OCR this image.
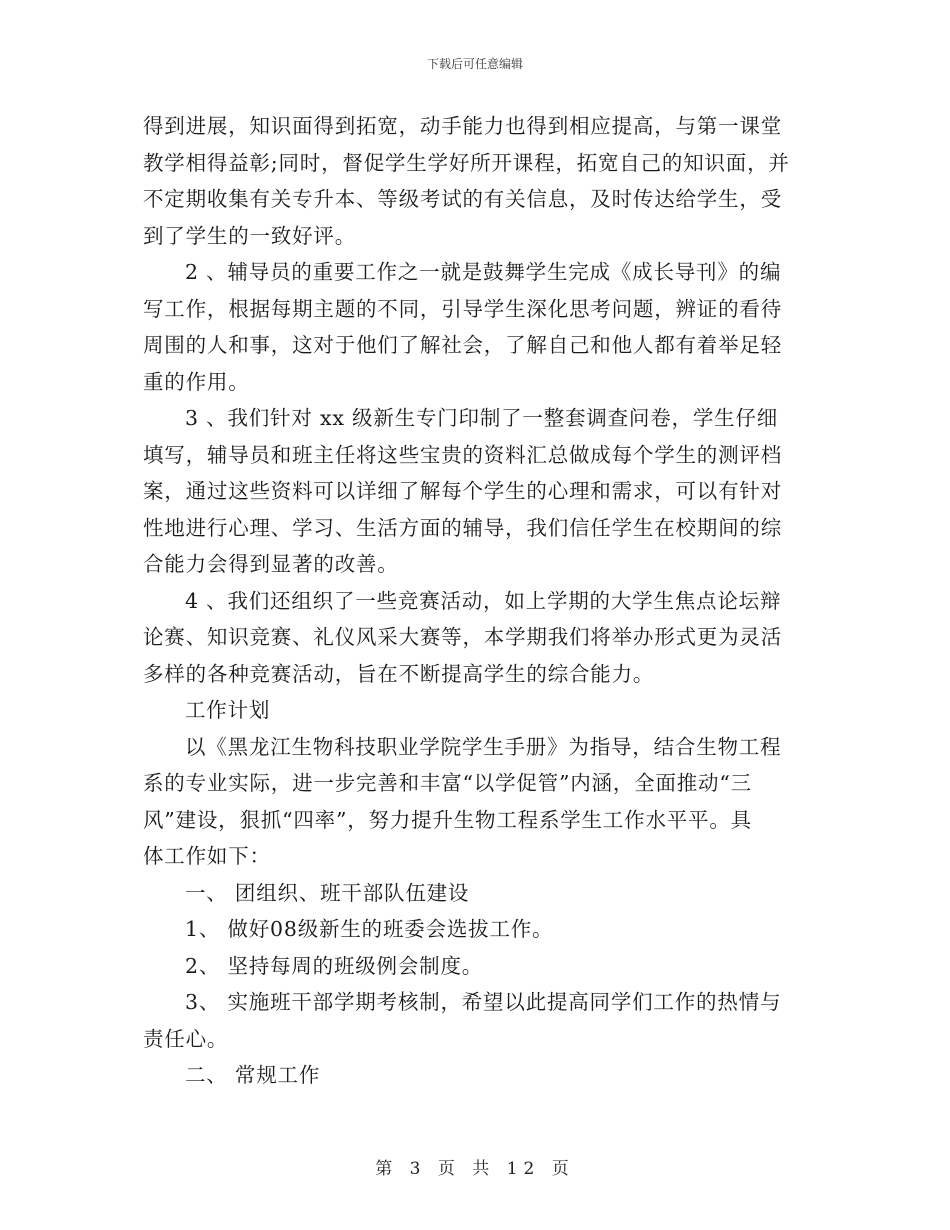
下载后可任意编辑
得到进展，知识面得到拓宽，动手能力也得到相应提高，与第一课堂
教学相得益彰;同时，督促学生学好所开课程，拓宽自己的知识面，并
不定期收集有关专升本、等级考试的有关信息，及时传达给学生，受
到了学生的一致好评。
2 、辅导员的重要工作之一就是鼓舞学生完成《成长导刊》的编
写工作，根据每期主题的不同，引导学生深化思考问题，辨证的看待
周围的人和事，这对于他们了解社会，了解自己和他人都有着举足轻
重的作用。
3 、我们针对 xx 级新生专门印制了一整套调查问卷，学生仔细
填写，辅导员和班主任将这些宝贵的资料汇总做成每个学生的测评档
案，通过这些资料可以详细了解每个学生的心理和需求，可以有针对
性地进行心理、学习、生活方面的辅导，我们信任学生在校期间的综
合能力会得到显著的改善。
4 、我们还组织了一些竞赛活动，如上学期的大学生焦点论坛辩
论赛、知识竞赛、礼仪风采大赛等，本学期我们将举办形式更为灵活
多样的各种竞赛活动，旨在不断提高学生的综合能力。
工作计划
以《黑龙江生物科技职业学院学生手册》为指导，结合生物工程
系的专业实际，进一步完善和丰富“以学促管”内涵，全面推动“三
风”建设，狠抓“四率”，努力提升生物工程系学生工作水平平。具
体工作如下：
一、 团组织、班干部队伍建设
1、 做好08级新生的班委会选拔工作。
2、 坚持每周的班级例会制度。
3、 实施班干部学期考核制，希望以此提高同学们工作的热情与
责任心。
二、 常规工作
第 3 页 共 12 页
